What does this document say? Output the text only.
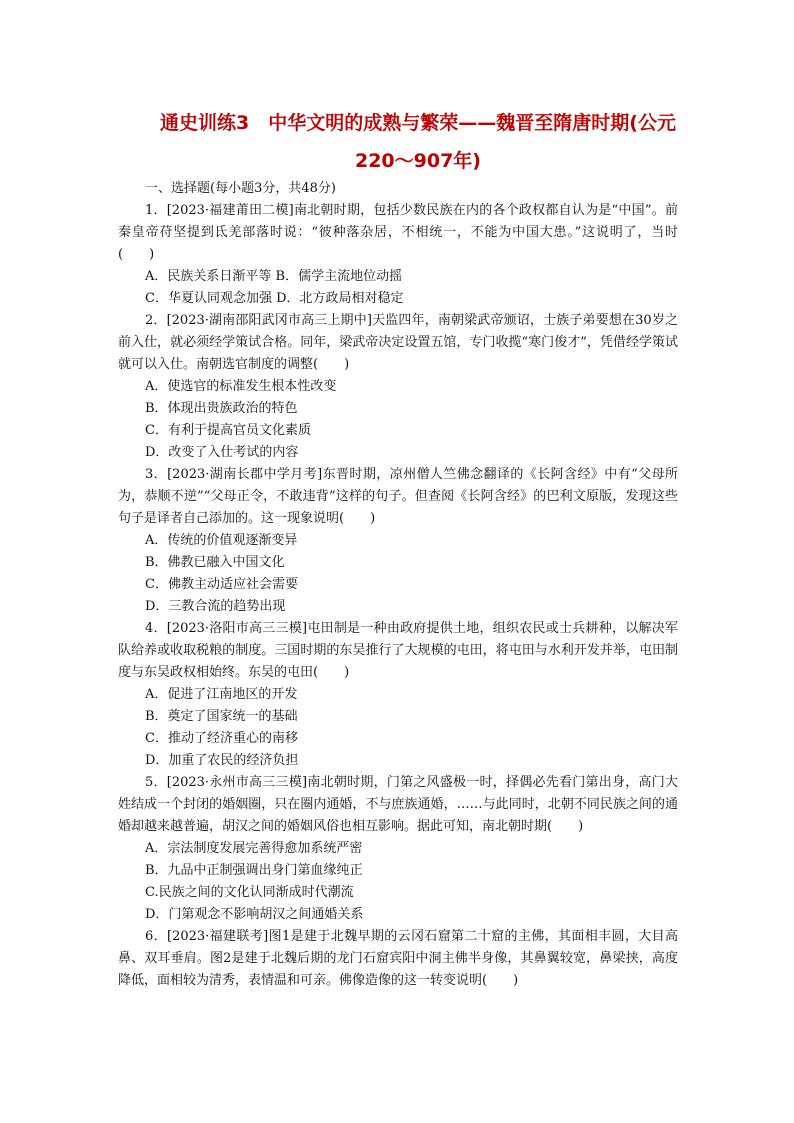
通史训练3　中华文明的成熟与繁荣——魏晋至隋唐时期(公元
220～907年)

一、选择题(每小题3分，共48分)

1．[2023·福建莆田二模]南北朝时期，包括少数民族在内的各个政权都自认为是“中国”。前秦皇帝苻坚提到氐羌部落时说：“彼种落杂居，不相统一，不能为中国大患。”这说明了，当时(　　)

A．民族关系日渐平等 B．儒学主流地位动摇

C．华夏认同观念加强 D．北方政局相对稳定

2．[2023·湖南邵阳武冈市高三上期中]天监四年，南朝梁武帝颁诏，士族子弟要想在30岁之前入仕，就必须经学策试合格。同年，梁武帝决定设置五馆，专门收揽“寒门俊才”，凭借经学策试就可以入仕。南朝选官制度的调整(　　)

A．使选官的标准发生根本性改变

B．体现出贵族政治的特色

C．有利于提高官员文化素质

D．改变了入仕考试的内容

3．[2023·湖南长郡中学月考]东晋时期，凉州僧人竺佛念翻译的《长阿含经》中有“父母所为，恭顺不逆”“父母正令，不敢违背”这样的句子。但查阅《长阿含经》的巴利文原版，发现这些句子是译者自己添加的。这一现象说明(　　)

A．传统的价值观逐渐变异

B．佛教已融入中国文化

C．佛教主动适应社会需要

D．三教合流的趋势出现

4．[2023·洛阳市高三三模]屯田制是一种由政府提供土地，组织农民或士兵耕种，以解决军队给养或收取税粮的制度。三国时期的东吴推行了大规模的屯田，将屯田与水利开发并举，屯田制度与东吴政权相始终。东吴的屯田(　　)

A．促进了江南地区的开发

B．奠定了国家统一的基础

C．推动了经济重心的南移

D．加重了农民的经济负担

5．[2023·永州市高三三模]南北朝时期，门第之风盛极一时，择偶必先看门第出身，高门大姓结成一个封闭的婚姻圈，只在圈内通婚，不与庶族通婚，……与此同时，北朝不同民族之间的通婚却越来越普遍，胡汉之间的婚姻风俗也相互影响。据此可知，南北朝时期(　　)

A．宗法制度发展完善得愈加系统严密

B．九品中正制强调出身门第血缘纯正

C.民族之间的文化认同渐成时代潮流

D．门第观念不影响胡汉之间通婚关系

6．[2023·福建联考]图1是建于北魏早期的云冈石窟第二十窟的主佛，其面相丰圆，大目高鼻、双耳垂肩。图2是建于北魏后期的龙门石窟宾阳中洞主佛半身像，其鼻翼较宽，鼻梁挟，高度降低，面相较为清秀，表情温和可亲。佛像造像的这一转变说明(　　)
